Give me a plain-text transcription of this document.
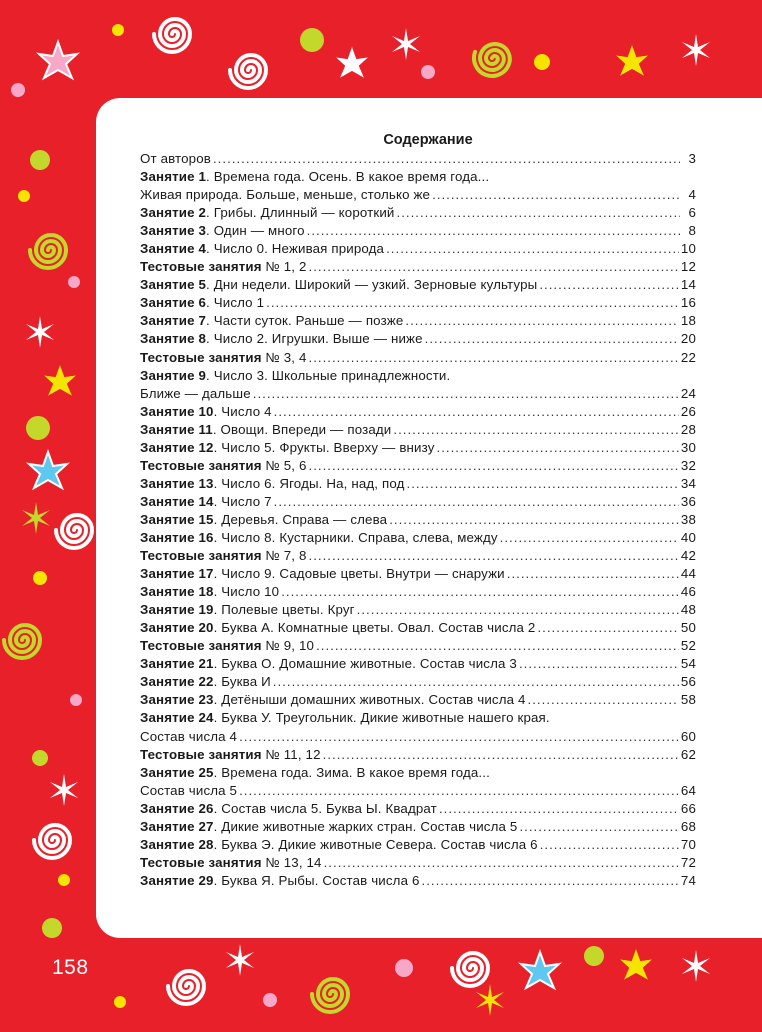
Содержание
От авторов .....	3
Занятие 1. Времена года. Осень. В какое время года...
Живая природа. Больше, меньше, столько же .....	4
Занятие 2. Грибы. Длинный — короткий .....	6
Занятие 3. Один — много .....	8
Занятие 4. Число 0. Неживая природа .....	10
Тестовые занятия № 1, 2 .....	12
Занятие 5. Дни недели. Широкий — узкий. Зерновые культуры .....	14
Занятие 6. Число 1 .....	16
Занятие 7. Части суток. Раньше — позже .....	18
Занятие 8. Число 2. Игрушки. Выше — ниже .....	20
Тестовые занятия № 3, 4 .....	22
Занятие 9. Число 3. Школьные принадлежности.
Ближе — дальше .....	24
Занятие 10. Число 4 .....	26
Занятие 11. Овощи. Впереди — позади .....	28
Занятие 12. Число 5. Фрукты. Вверху — внизу .....	30
Тестовые занятия № 5, 6 .....	32
Занятие 13. Число 6. Ягоды. На, над, под .....	34
Занятие 14. Число 7 .....	36
Занятие 15. Деревья. Справа — слева .....	38
Занятие 16. Число 8. Кустарники. Справа, слева, между .....	40
Тестовые занятия № 7, 8 .....	42
Занятие 17. Число 9. Садовые цветы. Внутри — снаружи .....	44
Занятие 18. Число 10 .....	46
Занятие 19. Полевые цветы. Круг .....	48
Занятие 20. Буква А. Комнатные цветы. Овал. Состав числа 2 .....	50
Тестовые занятия № 9, 10 .....	52
Занятие 21. Буква О. Домашние животные. Состав числа 3 .....	54
Занятие 22. Буква И .....	56
Занятие 23. Детёныши домашних животных. Состав числа 4 .....	58
Занятие 24. Буква У. Треугольник. Дикие животные нашего края.
Состав числа 4 .....	60
Тестовые занятия № 11, 12 .....	62
Занятие 25. Времена года. Зима. В какое время года...
Состав числа 5 .....	64
Занятие 26. Состав числа 5. Буква Ы. Квадрат .....	66
Занятие 27. Дикие животные жарких стран. Состав числа 5 .....	68
Занятие 28. Буква Э. Дикие животные Севера. Состав числа 6 .....	70
Тестовые занятия № 13, 14 .....	72
Занятие 29. Буква Я. Рыбы. Состав числа 6 .....	74
158
